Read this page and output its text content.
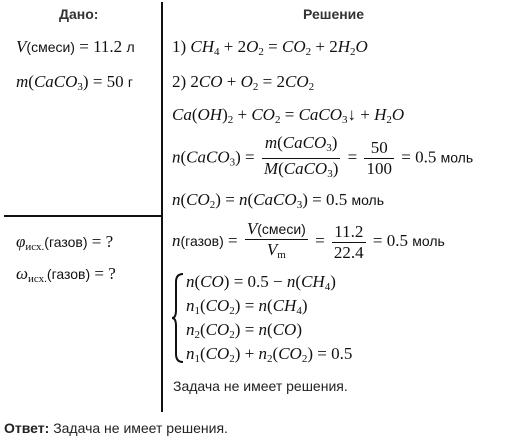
Дано:	Решение
V(смеси) = 11.2 л
m(CaCO$_3$) = 50 г
$\varphi_{исх.}(газов)$ = ?
$\omega_{исх.}(газов)$ = ?
1) $CH_4 + 2O_2 = CO_2 + 2H_2O$
2) $2CO + O_2 = 2CO_2$
$Ca(OH)_2 + CO_2$ = CaCO$_3$↓ + $H_2O$
n(CaCO$_3$) = $\frac{m(CaCO_3)}{M(CaCO_3)} = \frac{50}{100} = 0.5$ моль
$n(CO_2)$ = n(CaCO$_3$) = 0.5 моль
n(газов) = $\frac{\text{V(смеси)}}{V_m} = \frac{11.2}{22.4} = 0.5$ моль
$n(CO) = 0.5 - n(CH_4)$
$n_1(CO_2) = n(CH_4)$
$n_2(CO_2) = n(CO)$
$n_1(CO_2) + n_2(CO_2) = 0.5$
Задача не имеет решения.
Ответ: Задача не имеет решения.
